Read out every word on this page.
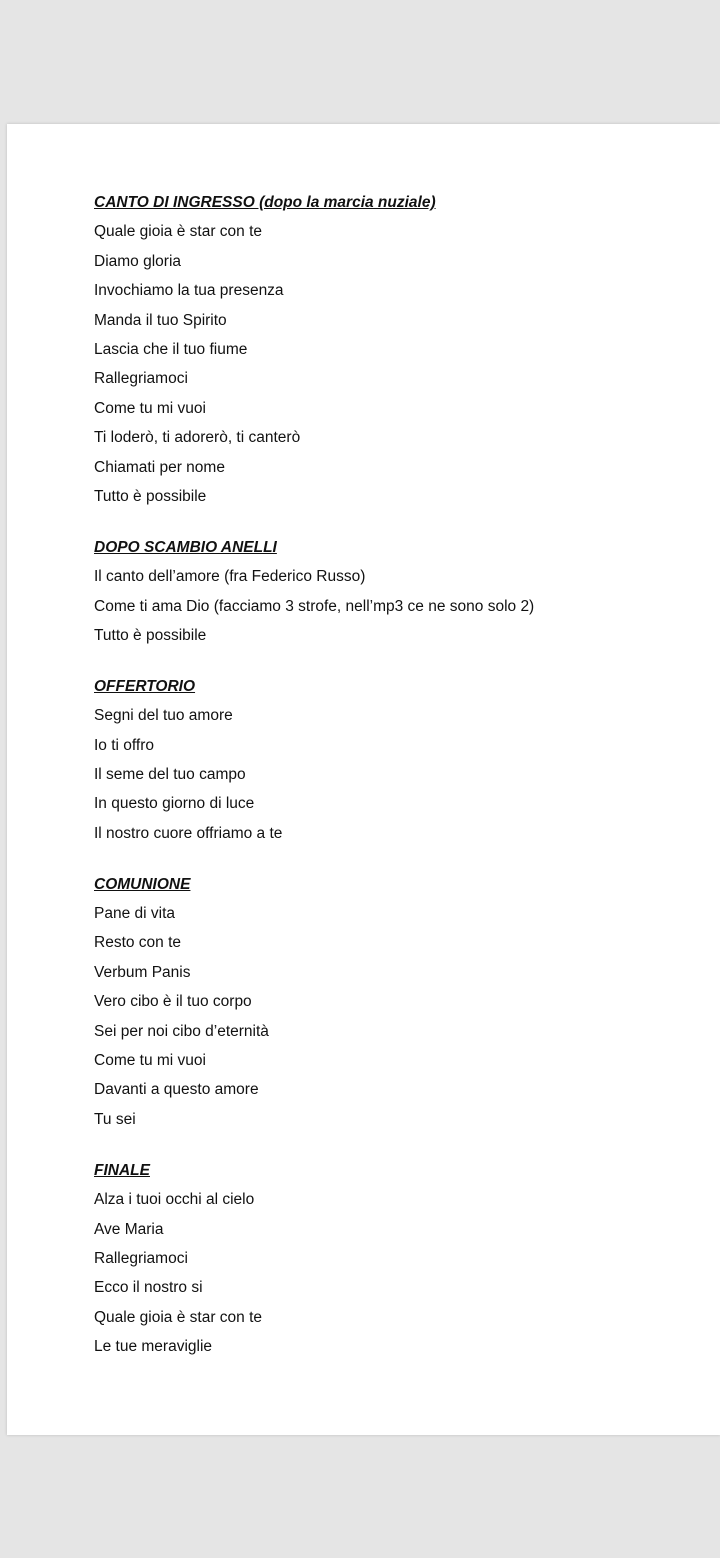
CANTO DI INGRESSO (dopo la marcia nuziale)
Quale gioia è star con te
Diamo gloria
Invochiamo la tua presenza
Manda il tuo Spirito
Lascia che il tuo fiume
Rallegriamoci
Come tu mi vuoi
Ti loderò, ti adorerò, ti canterò
Chiamati per nome
Tutto è possibile
DOPO SCAMBIO ANELLI
Il canto dell’amore (fra Federico Russo)
Come ti ama Dio (facciamo 3 strofe, nell’mp3 ce ne sono solo 2)
Tutto è possibile
OFFERTORIO
Segni del tuo amore
Io ti offro
Il seme del tuo campo
In questo giorno di luce
Il nostro cuore offriamo a te
COMUNIONE
Pane di vita
Resto con te
Verbum Panis
Vero cibo è il tuo corpo
Sei per noi cibo d’eternità
Come tu mi vuoi
Davanti a questo amore
Tu sei
FINALE
Alza i tuoi occhi al cielo
Ave Maria
Rallegriamoci
Ecco il nostro si
Quale gioia è star con te
Le tue meraviglie
